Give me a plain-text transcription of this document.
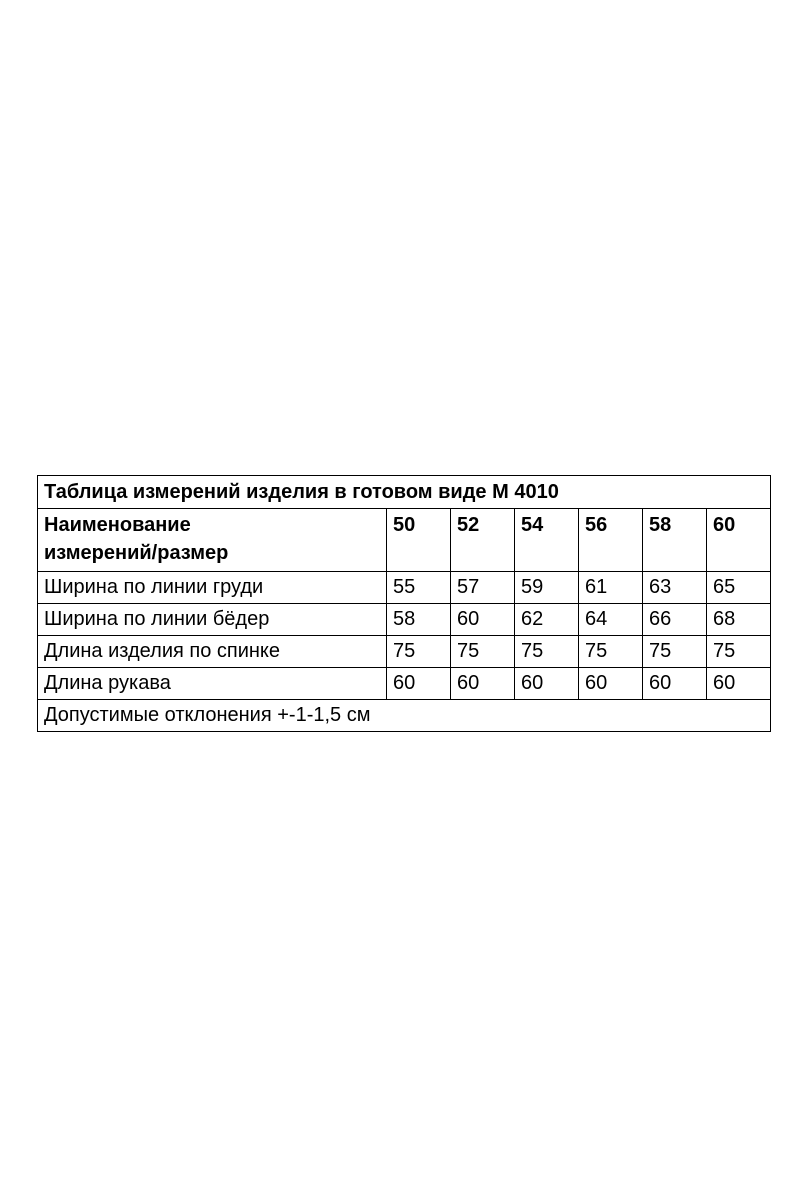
Таблица измерений изделия в готовом виде М 4010						
Наименование
измерений/размер	50	52	54	56	58	60
Ширина по линии груди	55	57	59	61	63	65
Ширина по линии бёдер	58	60	62	64	66	68
Длина изделия по спинке	75	75	75	75	75	75
Длина рукава	60	60	60	60	60	60
Допустимые отклонения +-1-1,5 см						
